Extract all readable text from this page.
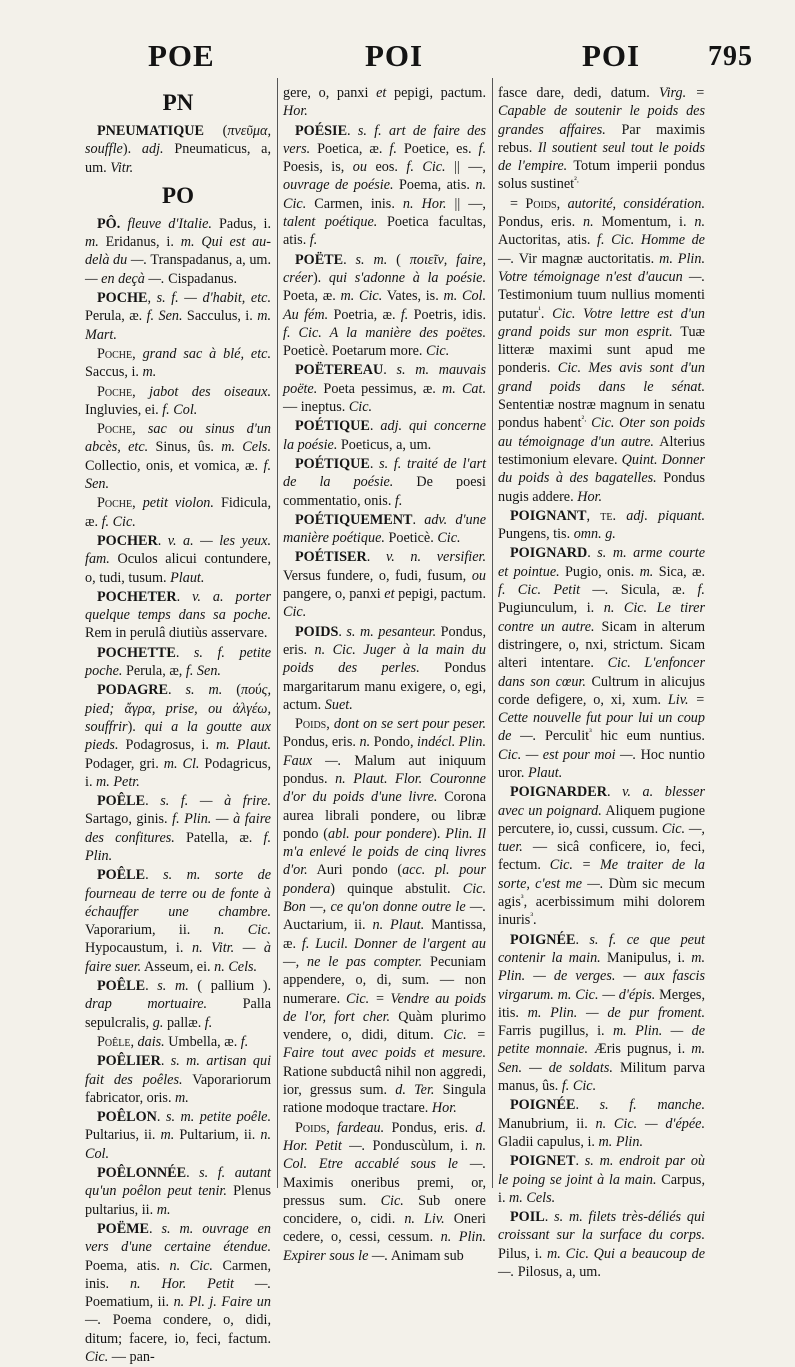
POE	POI	POI 795

PN

PNEUMATIQUE (πνεῦμα, souffle). adj. Pneumaticus, a, um. Vitr.

PO

PÔ. fleuve d'Italie. Padus, i. m. Eridanus, i. m. Qui est au-delà du —. Transpadanus, a, um. — en deçà —. Cispadanus.

POCHE, s. f. — d'habit, etc. Perula, æ. f. Sen. Sacculus, i. m. Mart.

Poche, grand sac à blé, etc. Saccus, i. m.

Poche, jabot des oiseaux. Ingluvies, ei. f. Col.

Poche, sac ou sinus d'un abcès, etc. Sinus, ûs. m. Cels. Collectio, onis, et vomica, æ. f. Sen.

Poche, petit violon. Fidicula, æ. f. Cic.

POCHER. v. a. — les yeux. fam. Oculos alicui contundere, o, tudi, tusum. Plaut.

POCHETER. v. a. porter quelque temps dans sa poche. Rem in perulâ diutiùs asservare.

POCHETTE. s. f. petite poche. Perula, æ, f. Sen.

PODAGRE. s. m. (πούς, pied; ἄγρα, prise, ou ἀλγέω, souffrir). qui a la goutte aux pieds. Podagrosus, i. m. Plaut. Podager, gri. m. Cl. Podagricus, i. m. Petr.

POÊLE. s. f. — à frire. Sartago, ginis. f. Plin. — à faire des confitures. Patella, æ. f. Plin.

POÊLE. s. m. sorte de fourneau de terre ou de fonte à échauffer une chambre. Vaporarium, ii. n. Cic. Hypocaustum, i. n. Vitr. — à faire suer. Asseum, ei. n. Cels.

POÊLE. s. m. ( pallium ). drap mortuaire. Palla sepulcralis, g. pallæ. f.

Poêle, dais. Umbella, æ. f.

POÊLIER. s. m. artisan qui fait des poêles. Vaporariorum fabricator, oris. m.

POÊLON. s. m. petite poêle. Pultarius, ii. m. Pultarium, ii. n. Col.

POÊLONNÉE. s. f. autant qu'un poêlon peut tenir. Plenus pultarius, ii. m.

POËME. s. m. ouvrage en vers d'une certaine étendue. Poema, atis. n. Cic. Carmen, inis. n. Hor. Petit —. Poematium, ii. n. Pl. j. Faire un —. Poema condere, o, didi, ditum; facere, io, feci, factum. Cic. — pan-

gere, o, panxi et pepigi, pactum. Hor.

POÉSIE. s. f. art de faire des vers. Poetica, æ. f. Poetice, es. f. Poesis, is, ou eos. f. Cic. || —, ouvrage de poésie. Poema, atis. n. Cic. Carmen, inis. n. Hor. || —, talent poétique. Poetica facultas, atis. f.

POËTE. s. m. ( ποιεῖν, faire, créer). qui s'adonne à la poésie. Poeta, æ. m. Cic. Vates, is. m. Col. Au fém. Poetria, æ. f. Poetris, idis. f. Cic. A la manière des poëtes. Poeticè. Poetarum more. Cic.

POËTEREAU. s. m. mauvais poëte. Poeta pessimus, æ. m. Cat. — ineptus. Cic.

POÉTIQUE. adj. qui concerne la poésie. Poeticus, a, um.

POÉTIQUE. s. f. traité de l'art de la poésie. De poesi commentatio, onis. f.

POÉTIQUEMENT. adv. d'une manière poétique. Poeticè. Cic.

POÉTISER. v. n. versifier. Versus fundere, o, fudi, fusum, ou pangere, o, panxi et pepigi, pactum. Cic.

POIDS. s. m. pesanteur. Pondus, eris. n. Cic. Juger à la main du poids des perles. Pondus margaritarum manu exigere, o, egi, actum. Suet.

Poids, dont on se sert pour peser. Pondus, eris. n. Pondo, indécl. Plin. Faux —. Malum aut iniquum pondus. n. Plaut. Flor. Couronne d'or du poids d'une livre. Corona aurea librali pondere, ou libræ pondo (abl. pour pondere). Plin. Il m'a enlevé le poids de cinq livres d'or. Auri pondo (acc. pl. pour pondera) quinque abstulit. Cic. Bon —, ce qu'on donne outre le —. Auctarium, ii. n. Plaut. Mantissa, æ. f. Lucil. Donner de l'argent au —, ne le pas compter. Pecuniam appendere, o, di, sum. — non numerare. Cic. = Vendre au poids de l'or, fort cher. Quàm plurimo vendere, o, didi, ditum. Cic. = Faire tout avec poids et mesure. Ratione subductâ nihil non aggredi, ior, gressus sum. d. Ter. Singula ratione modoque tractare. Hor.

Poids, fardeau. Pondus, eris. d. Hor. Petit —. Ponduscùlum, i. n. Col. Etre accablé sous le —. Maximis oneribus premi, or, pressus sum. Cic. Sub onere concidere, o, cidi. n. Liv. Oneri cedere, o, cessi, cessum. n. Plin. Expirer sous le —. Animam sub

fasce dare, dedi, datum. Virg. = Capable de soutenir le poids des grandes affaires. Par maximis rebus. Il soutient seul tout le poids de l'empire. Totum imperii pondus solus sustinet$^{^2.}$

= Poids, autorité, considération. Pondus, eris. n. Momentum, i. n. Auctoritas, atis. f. Cic. Homme de —. Vir magnæ auctoritatis. m. Plin. Votre témoignage n'est d'aucun —. Testimonium tuum nullius momenti putatur$^{^1}$. Cic. Votre lettre est d'un grand poids sur mon esprit. Tuæ litteræ maximi sunt apud me ponderis. Cic. Mes avis sont d'un grand poids dans le sénat. Sententiæ nostræ magnum in senatu pondus habent$^{^2.}$ Cic. Oter son poids au témoignage d'un autre. Alterius testimonium elevare. Quint. Donner du poids à des bagatelles. Pondus nugis addere. Hor.

POIGNANT, te. adj. piquant. Pungens, tis. omn. g.

POIGNARD. s. m. arme courte et pointue. Pugio, onis. m. Sica, æ. f. Cic. Petit —. Sicula, æ. f. Pugiunculum, i. n. Cic. Le tirer contre un autre. Sicam in alterum distringere, o, nxi, strictum. Sicam alteri intentare. Cic. L'enfoncer dans son cœur. Cultrum in alicujus corde defigere, o, xi, xum. Liv. = Cette nouvelle fut pour lui un coup de —. Perculit$^{^3}$ hic eum nuntius. Cic. — est pour moi —. Hoc nuntio uror. Plaut.

POIGNARDER. v. a. blesser avec un poignard. Aliquem pugione percutere, io, cussi, cussum. Cic. —, tuer. — sicâ conficere, io, feci, fectum. Cic. = Me traiter de la sorte, c'est me —. Dùm sic mecum agis$^{^3}$, acerbissimum mihi dolorem inuris$^{^3}$.

POIGNÉE. s. f. ce que peut contenir la main. Manipulus, i. m. Plin. — de verges. — aux fascis virgarum. m. Cic. — d'épis. Merges, itis. m. Plin. — de pur froment. Farris pugillus, i. m. Plin. — de petite monnaie. Æris pugnus, i. m. Sen. — de soldats. Militum parva manus, ûs. f. Cic.

POIGNÉE. s. f. manche. Manubrium, ii. n. Cic. — d'épée. Gladii capulus, i. m. Plin.

POIGNET. s. m. endroit par où le poing se joint à la main. Carpus, i. m. Cels.

POIL. s. m. filets très-déliés qui croissant sur la surface du corps. Pilus, i. m. Cic. Qui a beaucoup de —. Pilosus, a, um.
